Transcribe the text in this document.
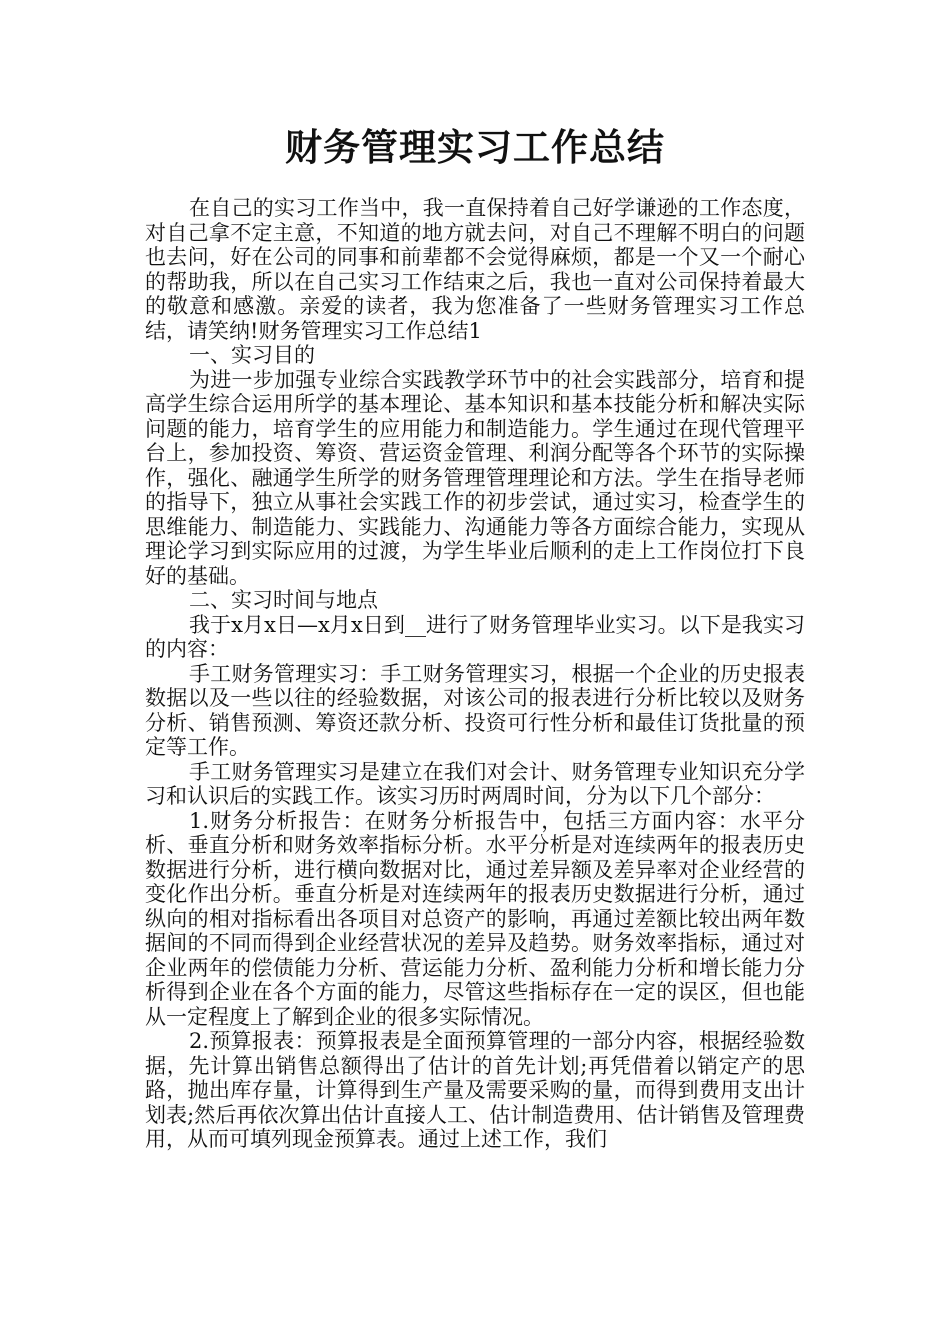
财务管理实习工作总结

在自己的实习工作当中，我一直保持着自己好学谦逊的工作态度，对自己拿不定主意，不知道的地方就去问，对自己不理解不明白的问题也去问，好在公司的同事和前辈都不会觉得麻烦，都是一个又一个耐心的帮助我，所以在自己实习工作结束之后，我也一直对公司保持着最大的敬意和感激。亲爱的读者，我为您准备了一些财务管理实习工作总结，请笑纳!财务管理实习工作总结1

一、实习目的

为进一步加强专业综合实践教学环节中的社会实践部分，培育和提高学生综合运用所学的基本理论、基本知识和基本技能分析和解决实际问题的能力，培育学生的应用能力和制造能力。学生通过在现代管理平台上，参加投资、筹资、营运资金管理、利润分配等各个环节的实际操作，强化、融通学生所学的财务管理管理理论和方法。学生在指导老师的指导下，独立从事社会实践工作的初步尝试，通过实习，检查学生的思维能力、制造能力、实践能力、沟通能力等各方面综合能力，实现从理论学习到实际应用的过渡，为学生毕业后顺利的走上工作岗位打下良好的基础。

二、实习时间与地点

我于x月x日—x月x日到__进行了财务管理毕业实习。以下是我实习的内容：

手工财务管理实习：手工财务管理实习，根据一个企业的历史报表数据以及一些以往的经验数据，对该公司的报表进行分析比较以及财务分析、销售预测、筹资还款分析、投资可行性分析和最佳订货批量的预定等工作。

手工财务管理实习是建立在我们对会计、财务管理专业知识充分学习和认识后的实践工作。该实习历时两周时间，分为以下几个部分：

1.财务分析报告：在财务分析报告中，包括三方面内容：水平分析、垂直分析和财务效率指标分析。水平分析是对连续两年的报表历史数据进行分析，进行横向数据对比，通过差异额及差异率对企业经营的变化作出分析。垂直分析是对连续两年的报表历史数据进行分析，通过纵向的相对指标看出各项目对总资产的影响，再通过差额比较出两年数据间的不同而得到企业经营状况的差异及趋势。财务效率指标，通过对企业两年的偿债能力分析、营运能力分析、盈利能力分析和增长能力分析得到企业在各个方面的能力，尽管这些指标存在一定的误区，但也能从一定程度上了解到企业的很多实际情况。

2.预算报表：预算报表是全面预算管理的一部分内容，根据经验数据，先计算出销售总额得出了估计的首先计划;再凭借着以销定产的思路，抛出库存量，计算得到生产量及需要采购的量，而得到费用支出计划表;然后再依次算出估计直接人工、估计制造费用、估计销售及管理费用，从而可填列现金预算表。通过上述工作，我们
